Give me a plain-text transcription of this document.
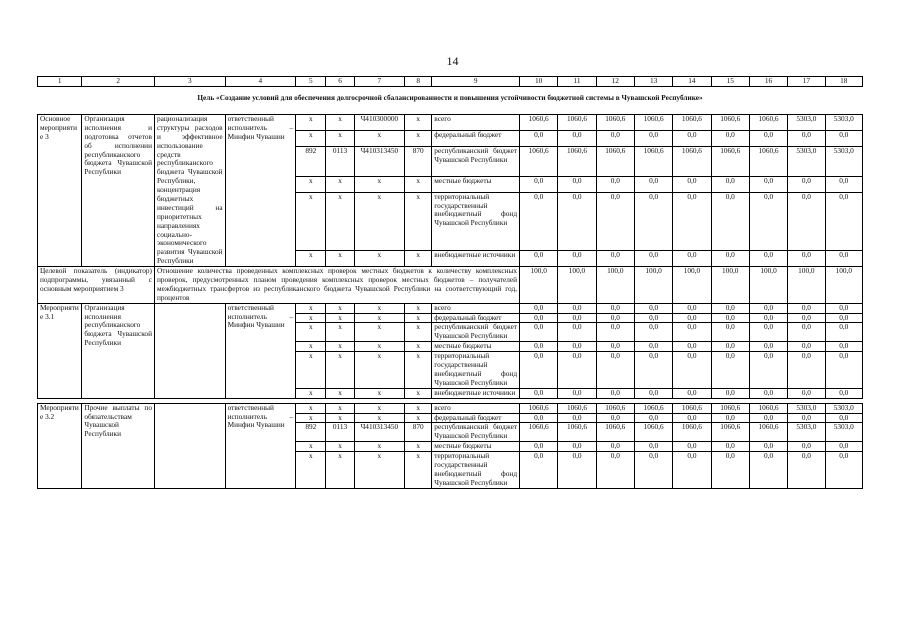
14
1	2	3	4	5	6	7	8	9	10	11	12	13	14	15	16	17	18
Цель «Создание условий для обеспечения долгосрочной сбалансированности и повышения устойчивости бюджетной системы в Чувашской Республике»																	
Основное мероприятие 3	Организация исполнения и подготовка отчетов об исполнении республиканского бюджета Чувашской Республики	рационализация структуры расходов и эффективное использование средств республиканского бюджета Чувашской Республики, концентрация бюджетных инвестиций на приоритетных направлениях социально-экономического развития Чувашской Республики	ответственный исполнитель – Минфин Чувашии	x	x	Ч410300000	x	всего	1060,6	1060,6	1060,6	1060,6	1060,6	1060,6	1060,6	5303,0	5303,0
				x	x	x	x	федеральный бюджет	0,0	0,0	0,0	0,0	0,0	0,0	0,0	0,0	0,0
				892	0113	Ч410313450	870	республиканский бюджет Чувашской Республики	1060,6	1060,6	1060,6	1060,6	1060,6	1060,6	1060,6	5303,0	5303,0
				x	x	x	x	местные бюджеты	0,0	0,0	0,0	0,0	0,0	0,0	0,0	0,0	0,0
				x	x	x	x	территориальный государственный внебюджетный фонд Чувашской Республики	0,0	0,0	0,0	0,0	0,0	0,0	0,0	0,0	0,0
				x	x	x	x	внебюджетные источники	0,0	0,0	0,0	0,0	0,0	0,0	0,0	0,0	0,0
Целевой показатель (индикатор) подпрограммы, увязанный с основным мероприятием 3		Отношение количества проведенных комплексных проверок местных бюджетов к количеству комплексных проверок, предусмотренных планом проведения комплексных проверок местных бюджетов – получателей межбюджетных трансфертов из республиканского бюджета Чувашской Республики на соответствующий год, процентов							100,0	100,0	100,0	100,0	100,0	100,0	100,0	100,0	100,0
Мероприятие 3.1	Организация исполнения республиканского бюджета Чувашской Республики		ответственный исполнитель – Минфин Чувашии	x	x	x	x	всего	0,0	0,0	0,0	0,0	0,0	0,0	0,0	0,0	0,0
				x	x	x	x	федеральный бюджет	0,0	0,0	0,0	0,0	0,0	0,0	0,0	0,0	0,0
				x	x	x	x	республиканский бюджет Чувашской Республики	0,0	0,0	0,0	0,0	0,0	0,0	0,0	0,0	0,0
				x	x	x	x	местные бюджеты	0,0	0,0	0,0	0,0	0,0	0,0	0,0	0,0	0,0
				x	x	x	x	территориальный государственный внебюджетный фонд Чувашской Республики	0,0	0,0	0,0	0,0	0,0	0,0	0,0	0,0	0,0
				x	x	x	x	внебюджетные источники	0,0	0,0	0,0	0,0	0,0	0,0	0,0	0,0	0,0

Мероприятие 3.2	Прочие выплаты по обязательствам Чувашской Республики		ответственный исполнитель – Минфин Чувашии	x	x	x	x	всего	1060,6	1060,6	1060,6	1060,6	1060,6	1060,6	1060,6	5303,0	5303,0
				x	x	x	x	федеральный бюджет	0,0	0,0	0,0	0,0	0,0	0,0	0,0	0,0	0,0
				892	0113	Ч410313450	870	республиканский бюджет Чувашской Республики	1060,6	1060,6	1060,6	1060,6	1060,6	1060,6	1060,6	5303,0	5303,0
				x	x	x	x	местные бюджеты	0,0	0,0	0,0	0,0	0,0	0,0	0,0	0,0	0,0
				x	x	x	x	территориальный государственный внебюджетный фонд Чувашской Республики	0,0	0,0	0,0	0,0	0,0	0,0	0,0	0,0	0,0
